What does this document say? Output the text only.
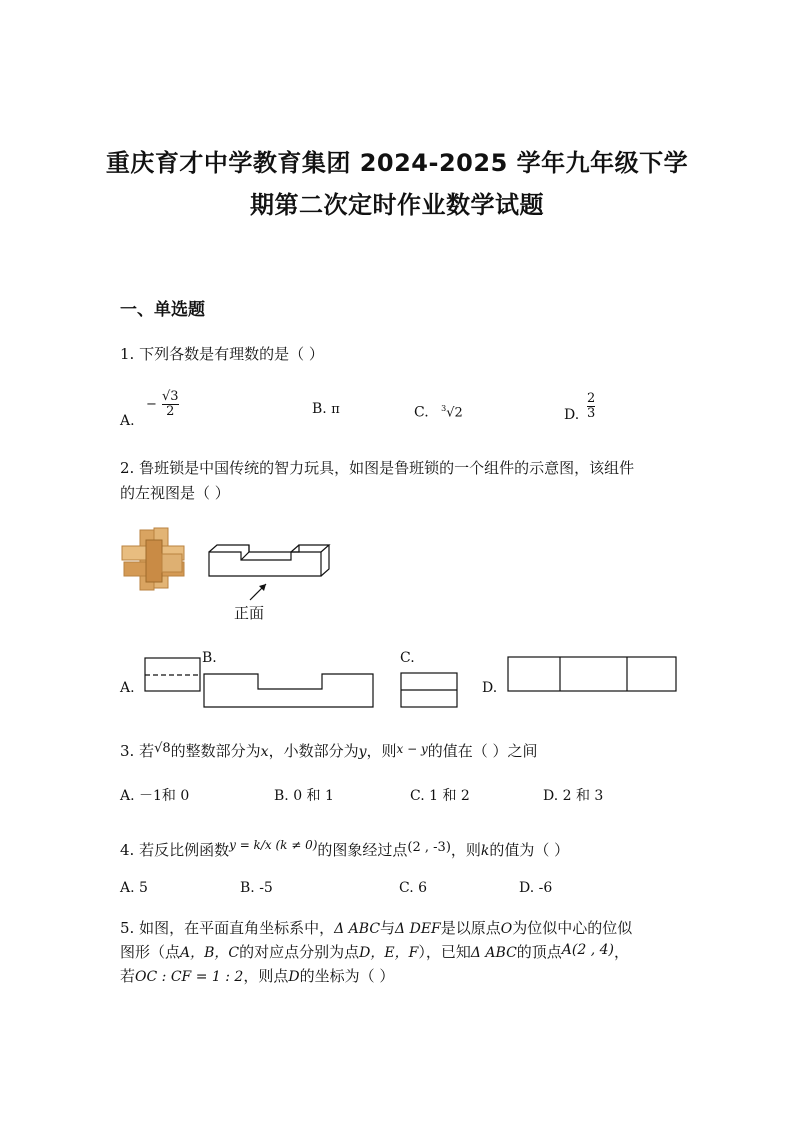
重庆育才中学教育集团 2024-2025 学年九年级下学
期第二次定时作业数学试题
一、单选题
1. 下列各数是有理数的是（ ）
A.
− $\frac{√3}{2}$	B. π	C. $^3$√2	D. $\frac{2}{3}$
2. 鲁班锁是中国传统的智力玩具，如图是鲁班锁的一个组件的示意图，该组件
的左视图是（ ）
正面
A.
B.	C.
D.
3. 若√8的整数部分为x，小数部分为y，则$^{x - y}$的值在（ ）之间
A. －1和 0	B. 0 和 1	C. 1 和 2	D. 2 和 3
4. 若反比例函数$^{y = k/x (k \ne 0)}$的图象经过点(2 , -3)，则k的值为（ ）
A. 5	B. -5	C. 6	D. -6
5. 如图，在平面直角坐标系中，Δ ABC与Δ DEF是以原点O为位似中心的位似
图形（点A，B，C的对应点分别为点D，E，F），已知Δ ABC的顶点A(2 , 4)，
若OC : CF = 1 : 2，则点D的坐标为（ ）
